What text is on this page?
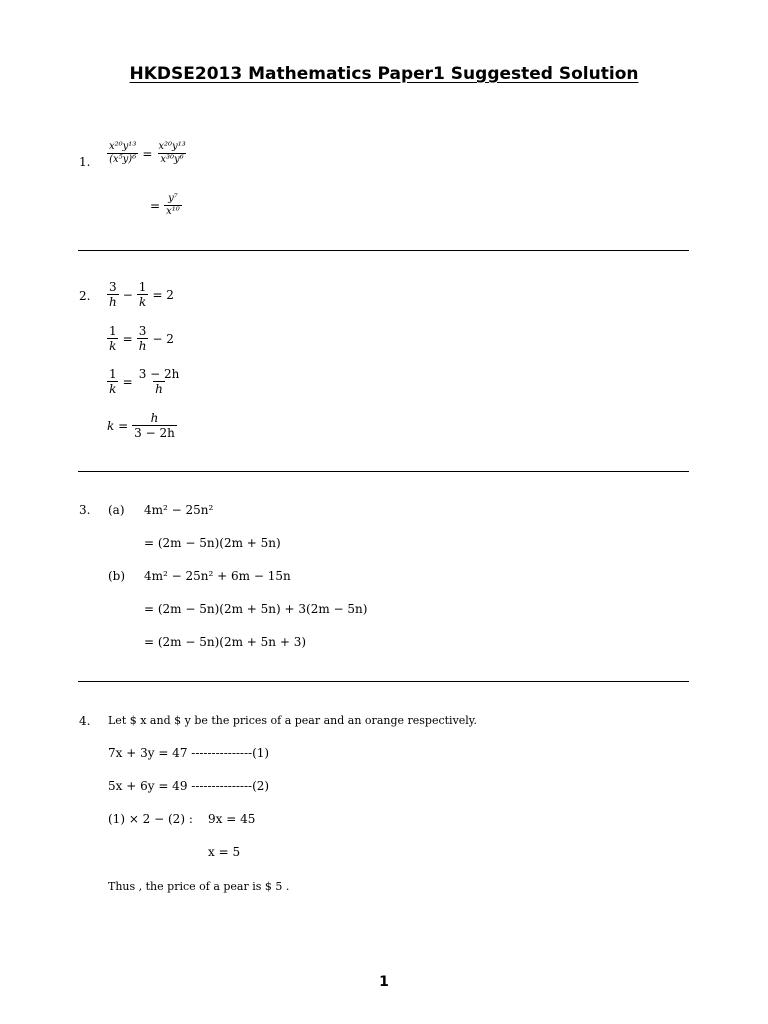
HKDSE2013 Mathematics Paper1 Suggested Solution
1. $\frac{\text{x²⁰y¹³}}{\text{(x⁵y)⁶}} = \frac{\text{x²⁰y¹³}}{\text{x³⁰y⁶}}$
= $\frac{\text{y⁷}}{\text{x¹⁰}}$
2. $\frac{3}{h} - \frac{1}{k} = 2$
$\frac{1}{k} = \frac{3}{h} - 2$
$\frac{1}{k} = \frac{3 - 2h}{h}$
$k = \frac{h}{3 - 2h}$
3. (a) 4m² − 25n²
= (2m − 5n)(2m + 5n)
(b) 4m² − 25n² + 6m − 15n
= (2m − 5n)(2m + 5n) + 3(2m − 5n)
= (2m − 5n)(2m + 5n + 3)
4. Let $ x and $ y be the prices of a pear and an orange respectively.
7x + 3y = 47 ---------------(1)
5x + 6y = 49 ---------------(2)
(1) × 2 − (2) : 9x = 45
x = 5
Thus , the price of a pear is $ 5 .
1
